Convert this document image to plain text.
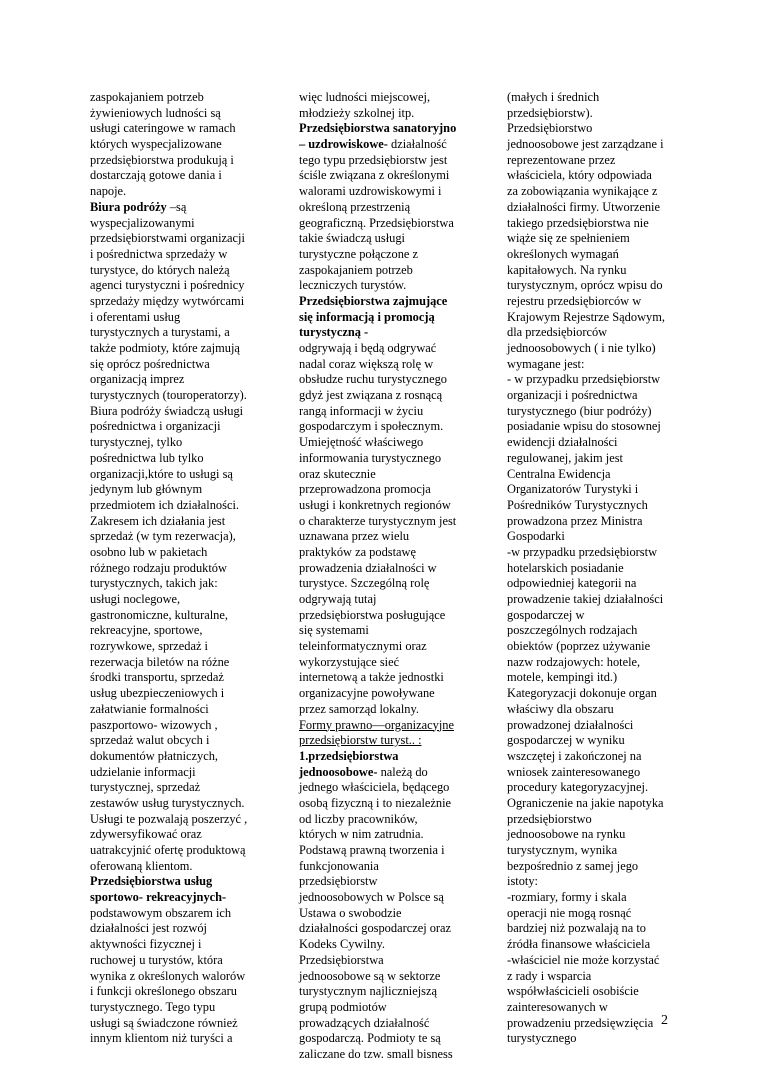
zaspokajaniem potrzeb
żywieniowych ludności są
usługi cateringowe w ramach
których wyspecjalizowane
przedsiębiorstwa produkują i
dostarczają gotowe dania i
napoje.
Biura podróży –są
wyspecjalizowanymi
przedsiębiorstwami organizacji
i pośrednictwa sprzedaży w
turystyce, do których należą
agenci turystyczni i pośrednicy
sprzedaży między wytwórcami
i oferentami usług
turystycznych a turystami, a
także podmioty, które zajmują
się oprócz pośrednictwa
organizacją imprez
turystycznych (touroperatorzy).
Biura podróży świadczą usługi
pośrednictwa i organizacji
turystycznej, tylko
pośrednictwa lub tylko
organizacji,które to usługi są
jedynym lub głównym
przedmiotem ich działalności.
Zakresem ich działania jest
sprzedaż (w tym rezerwacja),
osobno lub w pakietach
różnego rodzaju produktów
turystycznych, takich jak:
usługi noclegowe,
gastronomiczne, kulturalne,
rekreacyjne, sportowe,
rozrywkowe, sprzedaż i
rezerwacja biletów na różne
środki transportu, sprzedaż
usług ubezpieczeniowych i
załatwianie formalności
paszportowo- wizowych ,
sprzedaż walut obcych i
dokumentów płatniczych,
udzielanie informacji
turystycznej, sprzedaż
zestawów usług turystycznych.
Usługi te pozwalają poszerzyć ,
zdywersyfikować oraz
uatrakcyjnić ofertę produktową
oferowaną klientom.
Przedsiębiorstwa usług
sportowo- rekreacyjnych-
podstawowym obszarem ich
działalności jest rozwój
aktywności fizycznej i
ruchowej u turystów, która
wynika z określonych walorów
i funkcji określonego obszaru
turystycznego. Tego typu
usługi są świadczone również
innym klientom niż turyści a
więc ludności miejscowej,
młodzieży szkolnej itp.
Przedsiębiorstwa sanatoryjno
– uzdrowiskowe- działalność
tego typu przedsiębiorstw jest
ściśle związana z określonymi
walorami uzdrowiskowymi i
określoną przestrzenią
geograficzną. Przedsiębiorstwa
takie świadczą usługi
turystyczne połączone z
zaspokajaniem potrzeb
leczniczych turystów.
Przedsiębiorstwa zajmujące
się informacją i promocją
turystyczną -
odgrywają i będą odgrywać
nadal coraz większą rolę w
obsłudze ruchu turystycznego
gdyż jest związana z rosnącą
rangą informacji w życiu
gospodarczym i społecznym.
Umiejętność właściwego
informowania turystycznego
oraz skutecznie
przeprowadzona promocja
usługi i konkretnych regionów
o charakterze turystycznym jest
uznawana przez wielu
praktyków za podstawę
prowadzenia działalności w
turystyce. Szczególną rolę
odgrywają tutaj
przedsiębiorstwa posługujące
się systemami
teleinformatycznymi oraz
wykorzystujące sieć
internetową a także jednostki
organizacyjne powoływane
przez samorząd lokalny.
Formy prawno—organizacyjne
przedsiębiorstw turyst.. :
1.przedsiębiorstwa
jednoosobowe- należą do
jednego właściciela, będącego
osobą fizyczną i to niezależnie
od liczby pracowników,
których w nim zatrudnia.
Podstawą prawną tworzenia i
funkcjonowania
przedsiębiorstw
jednoosobowych w Polsce są
Ustawa o swobodzie
działalności gospodarczej oraz
Kodeks Cywilny.
Przedsiębiorstwa
jednoosobowe są w sektorze
turystycznym najliczniejszą
grupą podmiotów
prowadzących działalność
gospodarczą. Podmioty te są
zaliczane do tzw. small bisness
(małych i średnich
przedsiębiorstw).
Przedsiębiorstwo
jednoosobowe jest zarządzane i
reprezentowane przez
właściciela, który odpowiada
za zobowiązania wynikające z
działalności firmy. Utworzenie
takiego przedsiębiorstwa nie
wiąże się ze spełnieniem
określonych wymagań
kapitałowych. Na rynku
turystycznym, oprócz wpisu do
rejestru przedsiębiorców w
Krajowym Rejestrze Sądowym,
dla przedsiębiorców
jednoosobowych ( i nie tylko)
wymagane jest:
- w przypadku przedsiębiorstw
organizacji i pośrednictwa
turystycznego (biur podróży)
posiadanie wpisu do stosownej
ewidencji działalności
regulowanej, jakim jest
Centralna Ewidencja
Organizatorów Turystyki i
Pośredników Turystycznych
prowadzona przez Ministra
Gospodarki
-w przypadku przedsiębiorstw
hotelarskich posiadanie
odpowiedniej kategorii na
prowadzenie takiej działalności
gospodarczej w
poszczególnych rodzajach
obiektów (poprzez używanie
nazw rodzajowych: hotele,
motele, kempingi itd.)
Kategoryzacji dokonuje organ
właściwy dla obszaru
prowadzonej działalności
gospodarczej w wyniku
wszczętej i zakończonej na
wniosek zainteresowanego
procedury kategoryzacyjnej.
Ograniczenie na jakie napotyka
przedsiębiorstwo
jednoosobowe na rynku
turystycznym, wynika
bezpośrednio z samej jego
istoty:
-rozmiary, formy i skala
operacji nie mogą rosnąć
bardziej niż pozwalają na to
źródła finansowe właściciela
-właściciel nie może korzystać
z rady i wsparcia
współwłaścicieli osobiście
zainteresowanych w
prowadzeniu przedsięwzięcia
turystycznego
2
